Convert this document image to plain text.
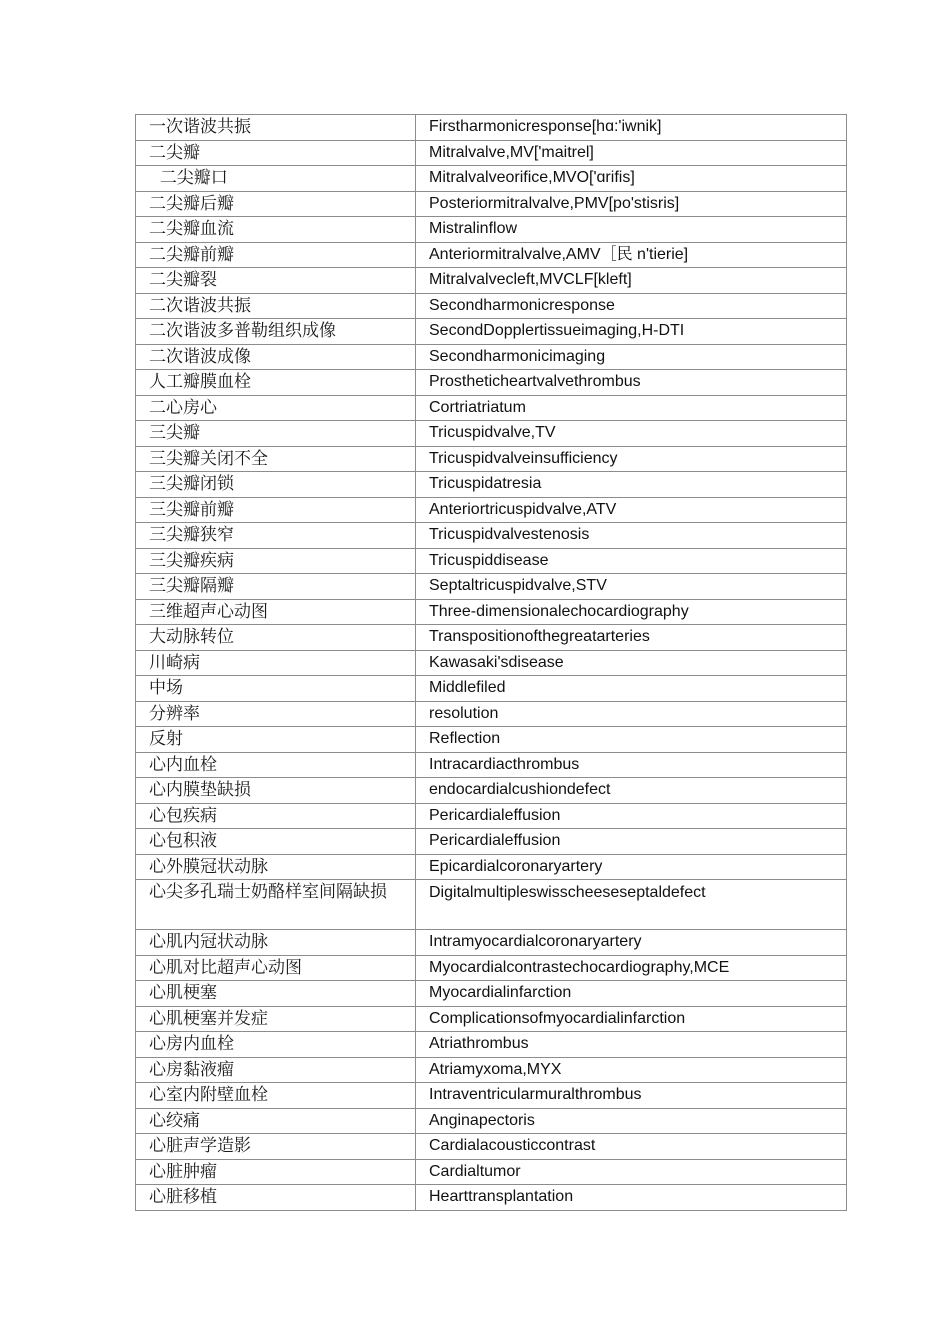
一次谐波共振	Firstharmonicresponse[hɑ:'iwnik]
二尖瓣	Mitralvalve,MV['maitrel]
二尖瓣口	Mitralvalveorifice,MVO['ɑrifis]
二尖瓣后瓣	Posteriormitralvalve,PMV[po'stisris]
二尖瓣血流	Mistralinflow
二尖瓣前瓣	Anteriormitralvalve,AMV［民 n'tierie]
二尖瓣裂	Mitralvalvecleft,MVCLF[kleft]
二次谐波共振	Secondharmonicresponse
二次谐波多普勒组织成像	SecondDopplertissueimaging,H-DTI
二次谐波成像	Secondharmonicimaging
人工瓣膜血栓	Prostheticheartvalvethrombus
二心房心	Cortriatriatum
三尖瓣	Tricuspidvalve,TV
三尖瓣关闭不全	Tricuspidvalveinsufficiency
三尖瓣闭锁	Tricuspidatresia
三尖瓣前瓣	Anteriortricuspidvalve,ATV
三尖瓣狭窄	Tricuspidvalvestenosis
三尖瓣疾病	Tricuspiddisease
三尖瓣隔瓣	Septaltricuspidvalve,STV
三维超声心动图	Three-dimensionalechocardiography
大动脉转位	Transpositionofthegreatarteries
川崎病	Kawasaki'sdisease
中场	Middlefiled
分辨率	resolution
反射	Reflection
心内血栓	Intracardiacthrombus
心内膜垫缺损	endocardialcushiondefect
心包疾病	Pericardialeffusion
心包积液	Pericardialeffusion
心外膜冠状动脉	Epicardialcoronaryartery
心尖多孔瑞士奶酪样室间隔缺损	Digitalmultipleswisscheeseseptaldefect
心肌内冠状动脉	Intramyocardialcoronaryartery
心肌对比超声心动图	Myocardialcontrastechocardiography,MCE
心肌梗塞	Myocardialinfarction
心肌梗塞并发症	Complicationsofmyocardialinfarction
心房内血栓	Atriathrombus
心房黏液瘤	Atriamyxoma,MYX
心室内附壁血栓	Intraventricularmuralthrombus
心绞痛	Anginapectoris
心脏声学造影	Cardialacousticcontrast
心脏肿瘤	Cardialtumor
心脏移植	Hearttransplantation
